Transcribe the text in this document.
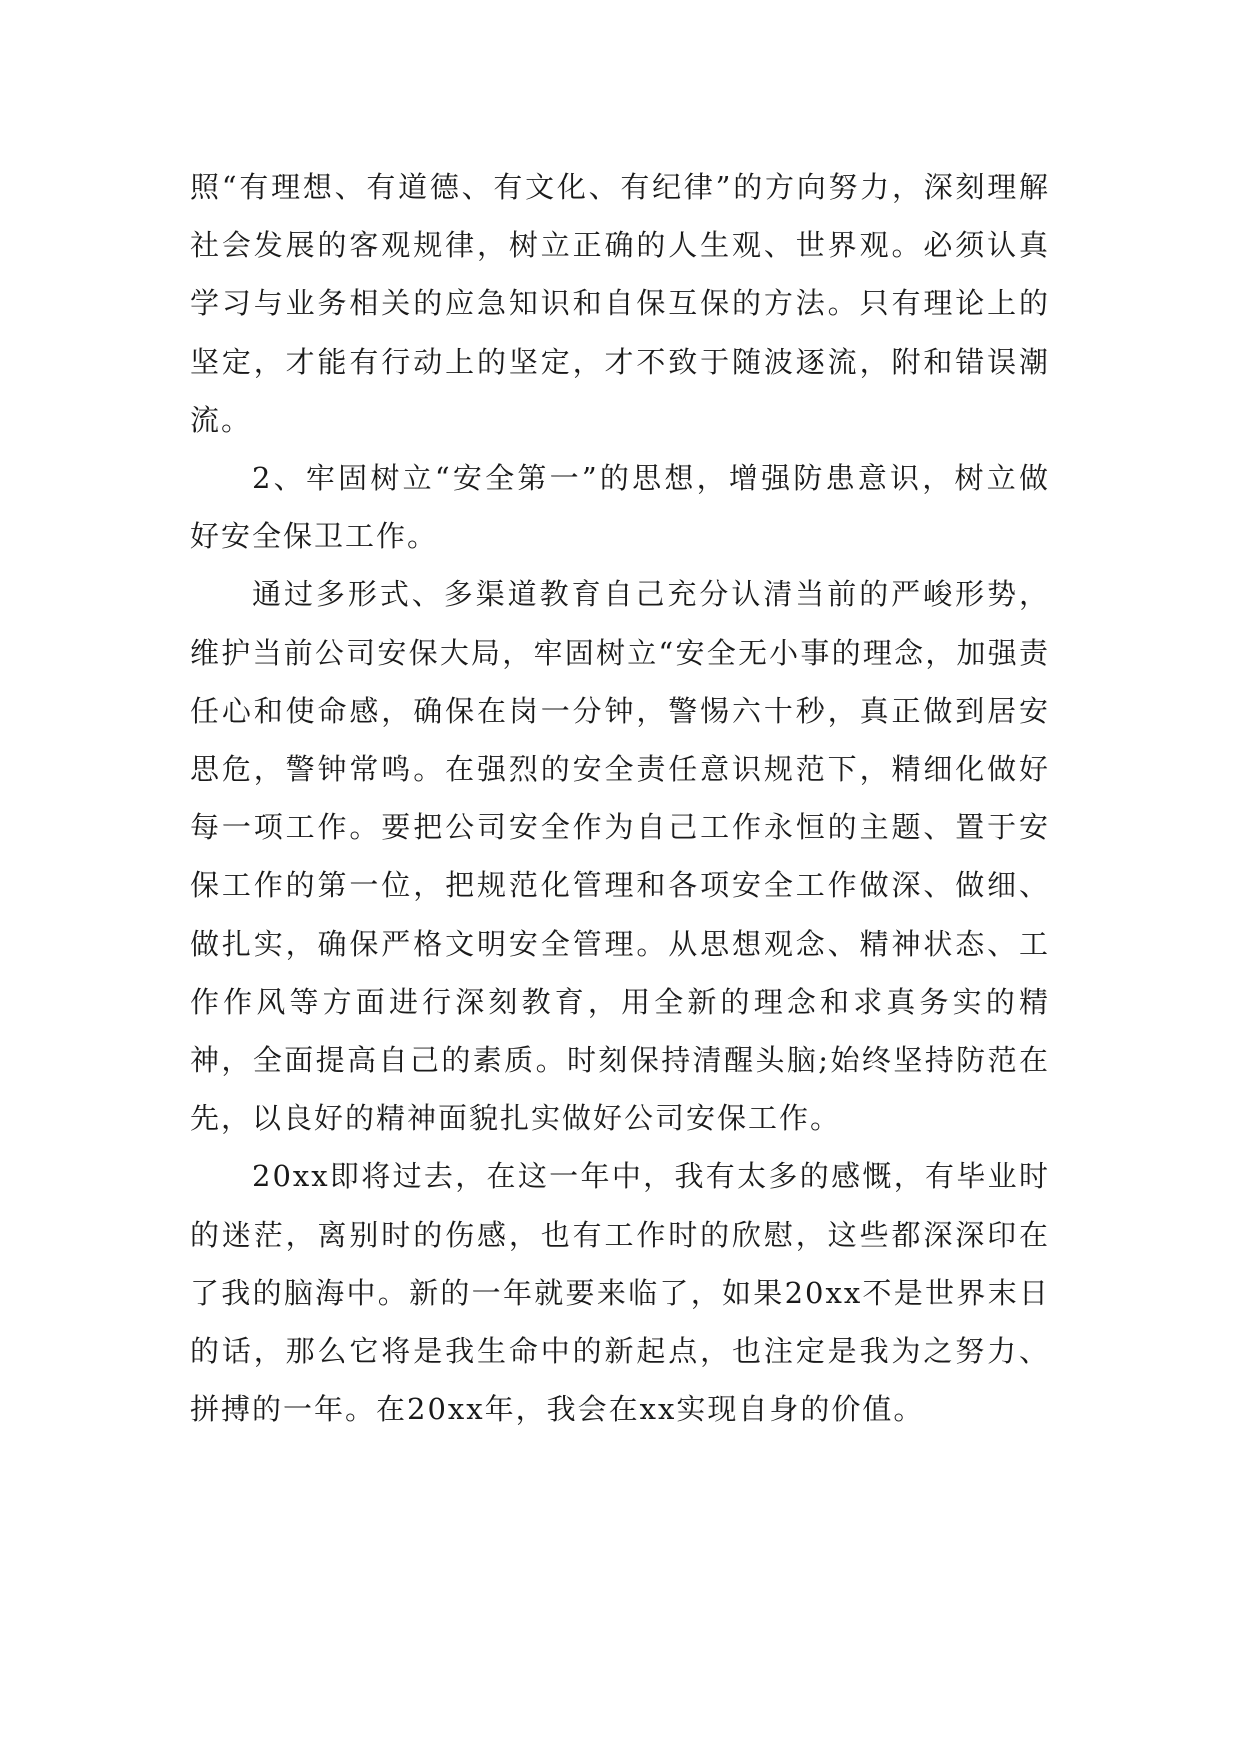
照“有理想、有道德、有文化、有纪律”的方向努力，深刻理解社会发展的客观规律，树立正确的人生观、世界观。必须认真学习与业务相关的应急知识和自保互保的方法。只有理论上的坚定，才能有行动上的坚定，才不致于随波逐流，附和错误潮流。

2、牢固树立“安全第一”的思想，增强防患意识，树立做好安全保卫工作。

通过多形式、多渠道教育自己充分认清当前的严峻形势，维护当前公司安保大局，牢固树立“安全无小事的理念，加强责任心和使命感，确保在岗一分钟，警惕六十秒，真正做到居安思危，警钟常鸣。在强烈的安全责任意识规范下，精细化做好每一项工作。要把公司安全作为自己工作永恒的主题、置于安保工作的第一位，把规范化管理和各项安全工作做深、做细、做扎实，确保严格文明安全管理。从思想观念、精神状态、工作作风等方面进行深刻教育，用全新的理念和求真务实的精神，全面提高自己的素质。时刻保持清醒头脑;始终坚持防范在先，以良好的精神面貌扎实做好公司安保工作。

20xx即将过去，在这一年中，我有太多的感慨，有毕业时的迷茫，离别时的伤感，也有工作时的欣慰，这些都深深印在了我的脑海中。新的一年就要来临了，如果20xx不是世界末日的话，那么它将是我生命中的新起点，也注定是我为之努力、拼搏的一年。在20xx年，我会在xx实现自身的价值。
